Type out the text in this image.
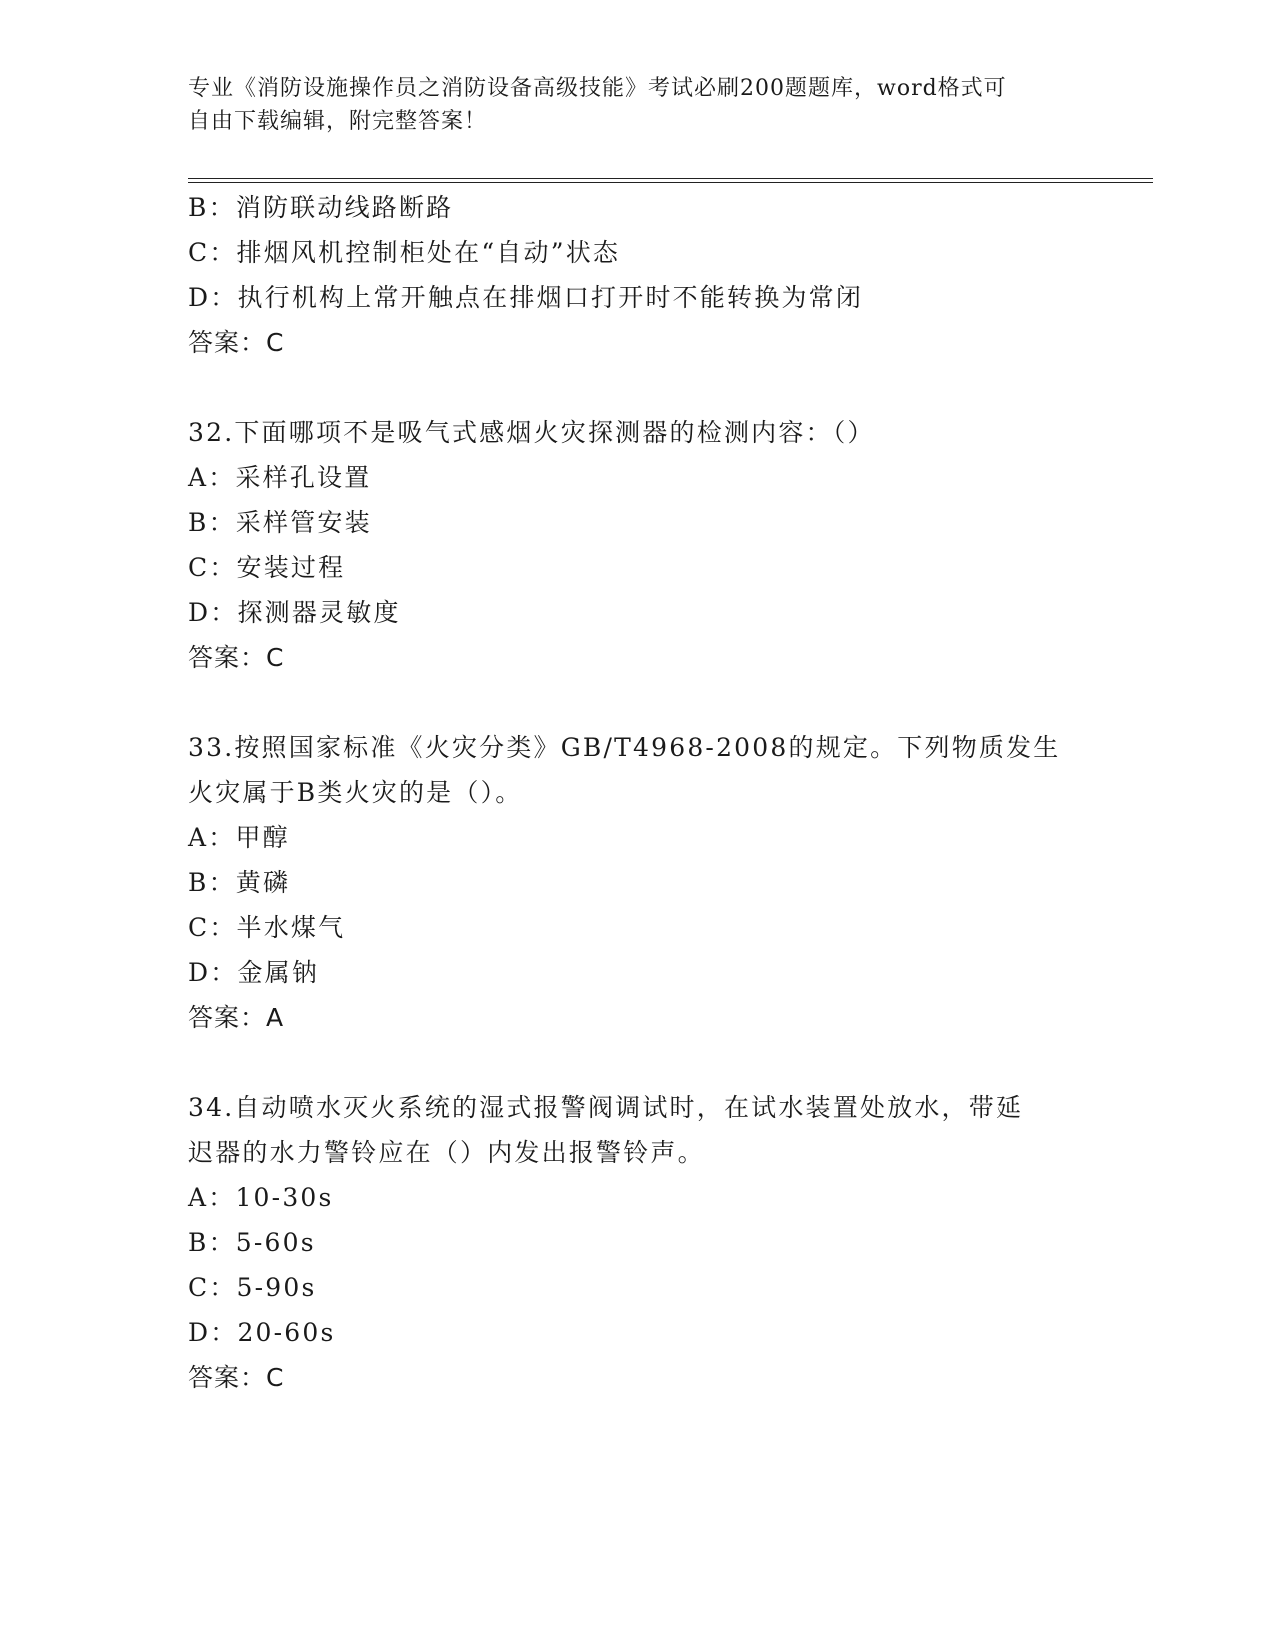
专业《消防设施操作员之消防设备高级技能》考试必刷200题题库，word格式可
自由下载编辑，附完整答案！
B：消防联动线路断路
C：排烟风机控制柜处在“自动”状态
D：执行机构上常开触点在排烟口打开时不能转换为常闭
答案：C
32.下面哪项不是吸气式感烟火灾探测器的检测内容：（）
A：采样孔设置
B：采样管安装
C：安装过程
D：探测器灵敏度
答案：C
33.按照国家标准《火灾分类》GB/T4968-2008的规定。下列物质发生
火灾属于B类火灾的是（）。
A：甲醇
B：黄磷
C：半水煤气
D：金属钠
答案：A
34.自动喷水灭火系统的湿式报警阀调试时，在试水装置处放水，带延
迟器的水力警铃应在（）内发出报警铃声。
A：10-30s
B：5-60s
C：5-90s
D：20-60s
答案：C
